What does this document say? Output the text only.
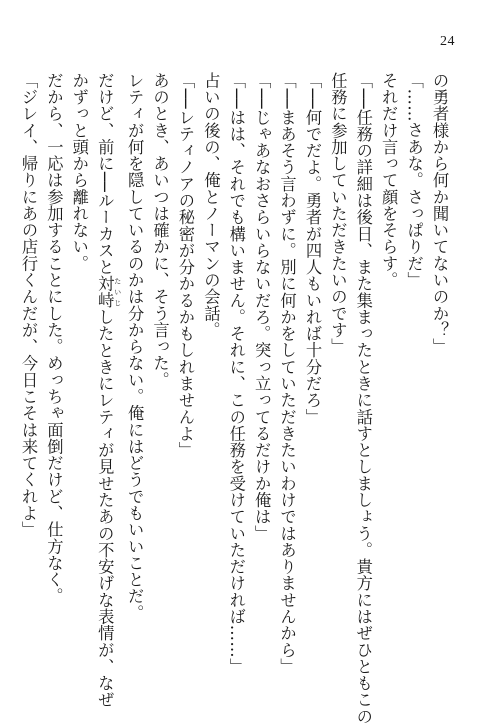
24
の勇者様から何か聞いてないのか？」
「……さあな。さっぱりだ」
それだけ言って顔をそらす。
「──任務の詳細は後日、また集まったときに話すとしましょう。貴方にはぜひともこの
任務に参加していただきたいのです」
「──何でだよ。勇者が四人もいれば十分だろ」
「──まあそう言わずに。別に何かをしていただきたいわけではありませんから」
「──じゃあなおさらいらないだろ。突っ立ってるだけか俺は」
「──はは、それでも構いません。それに、この任務を受けていただければ……」
占いの後の、俺とノーマンの会話。
「──レティノアの秘密が分かるかもしれませんよ」
あのとき、あいつは確かに、そう言った。
レティが何を隠しているのかは分からない。俺にはどうでもいいことだ。
だけど、前に──ルーカスと対峙 たいじしたときにレティが見せたあの不安げな表情が、なぜ
かずっと頭から離れない。
だから、一応は参加することにした。めっちゃ面倒だけど、仕方なく。
「ジレイ、帰りにあの店行くんだが、今日こそは来てくれよ」
